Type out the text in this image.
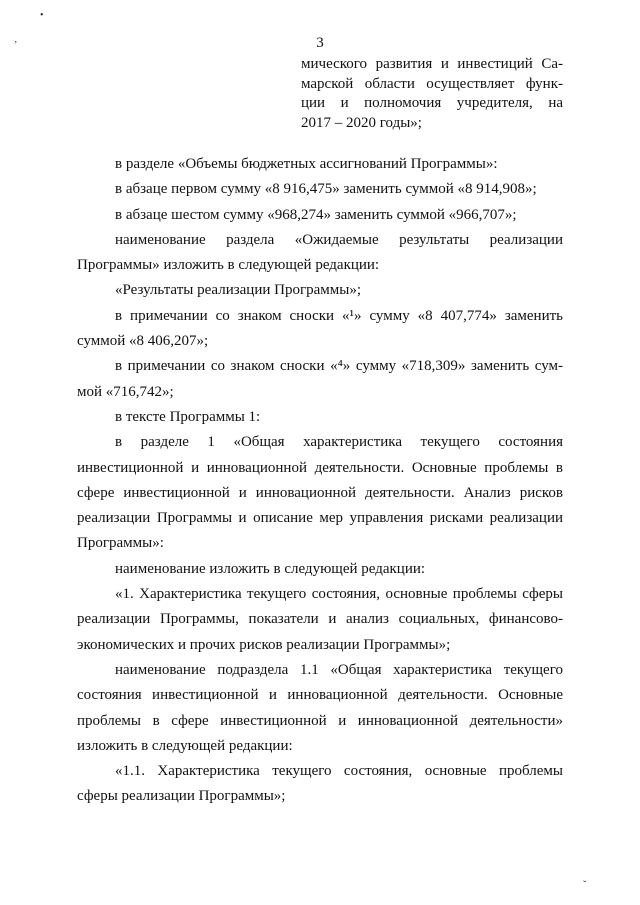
3
мического развития и инвестиций Са-
марской области осуществляет функ-
ции и полномочия учредителя, на
2017 – 2020 годы»;
в разделе «Объемы бюджетных ассигнований Программы»:
в абзаце первом сумму «8 916,475» заменить суммой «8 914,908»;
в абзаце шестом сумму «968,274» заменить суммой «966,707»;
наименование раздела «Ожидаемые результаты реализации
Программы» изложить в следующей редакции:
«Результаты реализации Программы»;
в примечании со знаком сноски «¹» сумму «8 407,774» заменить
суммой «8 406,207»;
в примечании со знаком сноски «⁴» сумму «718,309» заменить сум-
мой «716,742»;
в тексте Программы 1:
в разделе 1 «Общая характеристика текущего состояния
инвестиционной и инновационной деятельности. Основные проблемы в
сфере инвестиционной и инновационной деятельности. Анализ рисков
реализации Программы и описание мер управления рисками реализации
Программы»:
наименование изложить в следующей редакции:
«1. Характеристика текущего состояния, основные проблемы сферы
реализации Программы, показатели и анализ социальных, финансово-
экономических и прочих рисков реализации Программы»;
наименование подраздела 1.1 «Общая характеристика текущего
состояния инвестиционной и инновационной деятельности. Основные
проблемы в сфере инвестиционной и инновационной деятельности»
изложить в следующей редакции:
«1.1. Характеристика текущего состояния, основные проблемы
сферы реализации Программы»;
•
ʼ
ˇ
